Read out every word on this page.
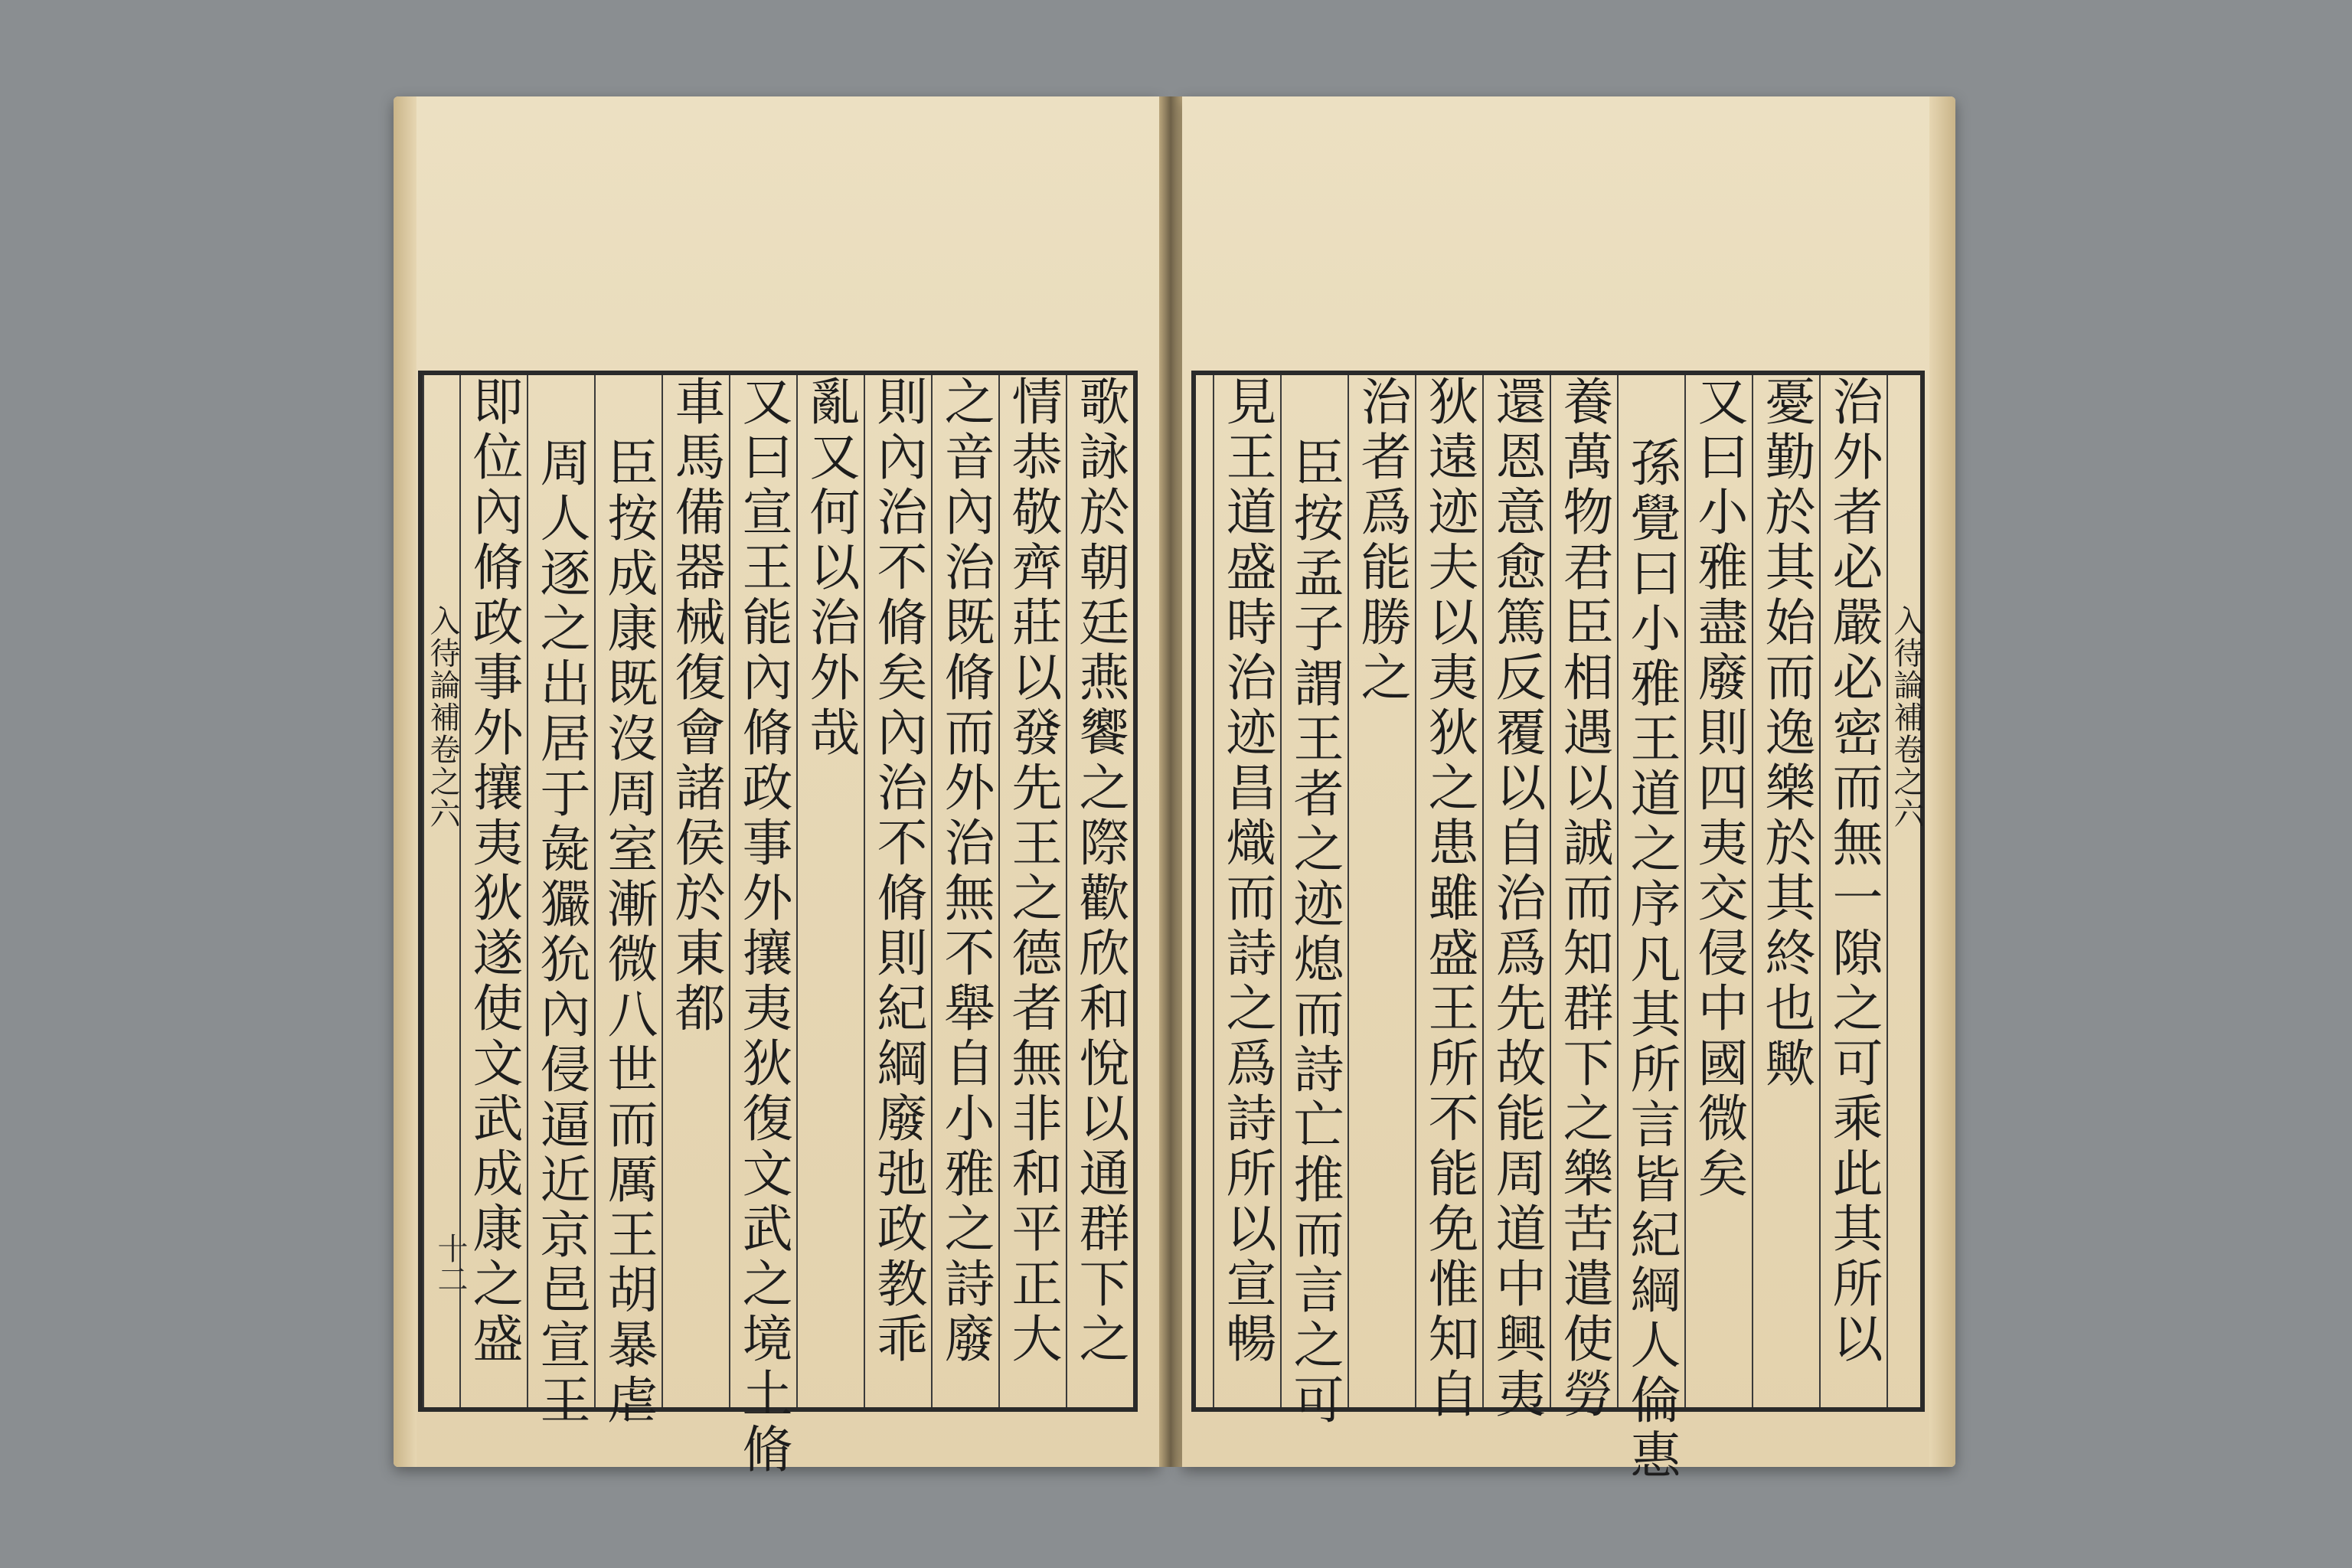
歌詠於朝廷燕饗之際歡欣和悅以通群下之
情恭敬齊莊以發先王之德者無非和平正大
之音內治既脩而外治無不舉自小雅之詩廢
則內治不脩矣內治不脩則紀綱廢弛政教乖
亂又何以治外哉
又曰宣王能內脩政事外攘夷狄復文武之境土脩
車馬備器械復會諸侯於東都
臣按成康既沒周室漸微八世而厲王胡暴虐
周人逐之出居于彘玁狁內侵逼近京邑宣王
即位內脩政事外攘夷狄遂使文武成康之盛
入待論補卷之六
十二
入待論補卷之六
治外者必嚴必密而無一隙之可乘此其所以
憂勤於其始而逸樂於其終也歟
又曰小雅盡廢則四夷交侵中國微矣
孫覺曰小雅王道之序凡其所言皆紀綱人倫惠
養萬物君臣相遇以誠而知群下之樂苦遣使勞
還恩意愈篤反覆以自治爲先故能周道中興夷
狄遠迹夫以夷狄之患雖盛王所不能免惟知自
治者爲能勝之
臣按孟子謂王者之迹熄而詩亡推而言之可
見王道盛時治迹昌熾而詩之爲詩所以宣暢
